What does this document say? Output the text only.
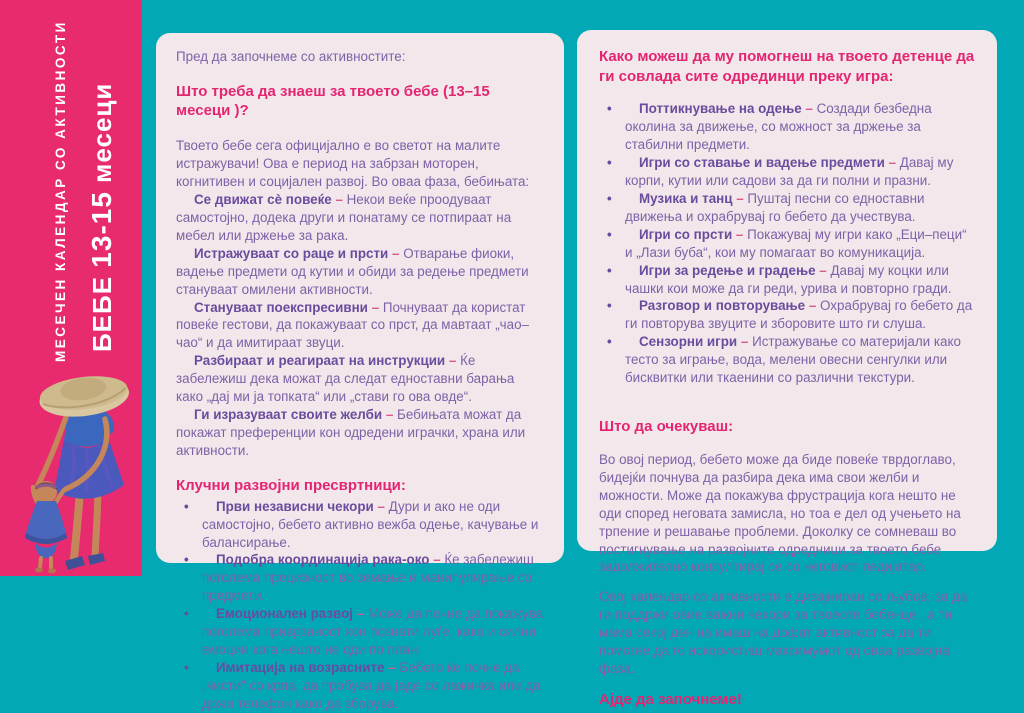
МЕСЕЧЕН КАЛЕНДАР СО АКТИВНОСТИ БЕБЕ 13-15 месеци

Пред да започнеме со активностите:

Што треба да знаеш за твоето бебе (13–15 месеци )?

Твоето бебе сега официјално е во светот на малите истражувачи! Ова е период на забрзан моторен, когнитивен и социјален развој. Во оваа фаза, бебињата:

Се движат сè повеќе – Некои веќе проодуваат самостојно, додека други и понатаму се потпираат на мебел или држење за рака.

Истражуваат со раце и прсти – Отварање фиоки, вадење предмети од кутии и обиди за редење предмети стануваат омилени активности.

Стануваат поекспресивни – Почнуваат да користат повеќе гестови, да покажуваат со прст, да мавтаат „чао–чао“ и да имитираат звуци.

Разбираат и реагираат на инструкции – Ќе забележиш дека можат да следат едноставни барања како „дај ми ја топката“ или „стави го ова овде“.

Ги изразуваат своите желби – Бебињата можат да покажат преференции кон одредени играчки, храна или активности.

Клучни развојни пресвртници:

• Први независни чекори – Дури и ако не оди самостојно, бебето активно вежба одење, качување и балансирање.
• Подобра координација рака-око – Ќе забележиш поголема прецизност во земање и манипулирање со предмети.
• Емоционален развој – Може да почне да покажува поголема приврзаност кон познати луѓе, како и силни емоции кога нешто не оди по план.
• Имитација на возрасните – Бебето ќе почне да „чисти“ со крпа, да пробува да јаде со лажичка или да држи телефон како да зборува.

Како можеш да му помогнеш на твоето детенце да ги совлада сите одрединци преку игра:

• Поттикнување на одење – Создади безбедна околина за движење, со можност за држење за стабилни предмети.
• Игри со ставање и вадење предмети – Давај му корпи, кутии или садови за да ги полни и празни.
• Музика и танц – Пуштај песни со едноставни движења и охрабрувај го бебето да учествува.
• Игри со прсти – Покажувај му игри како „Еци–пеци“ и „Лази буба“, кои му помагаат во комуникација.
• Игри за редење и градење – Давај му коцки или чашки кои може да ги реди, урива и повторно гради.
• Разговор и повторување – Охрабрувај го бебето да ги повторува звуците и зборовите што ги слуша.
• Сензорни игри – Истражување со материјали како тесто за играње, вода, мелени овесни сенгулки или бисквитки или ткаенини со различни текстури.

Што да очекуваш:

Во овој период, бебето може да биде повеќе тврдоглаво, бидејќи почнува да разбира дека има свои желби и можности. Може да покажува фрустрација кога нешто не оди според неговата замисла, но тоа е дел од учењето на трпение и решавање проблеми. Доколку се сомневаш во постигнување на развојните одредници за твоето бебе задолжително консултирај се со неговиот педијатар.

Овој календар со активности е дизајниран со љубов, за да ги поддржи овие важни чекори за твоеоте бебенце , а ти мама секој ден на имаш на дофат активност за да ти помогне да го искористиш максимумот од оваа развојна фаза.

Ајде да започнеме!
